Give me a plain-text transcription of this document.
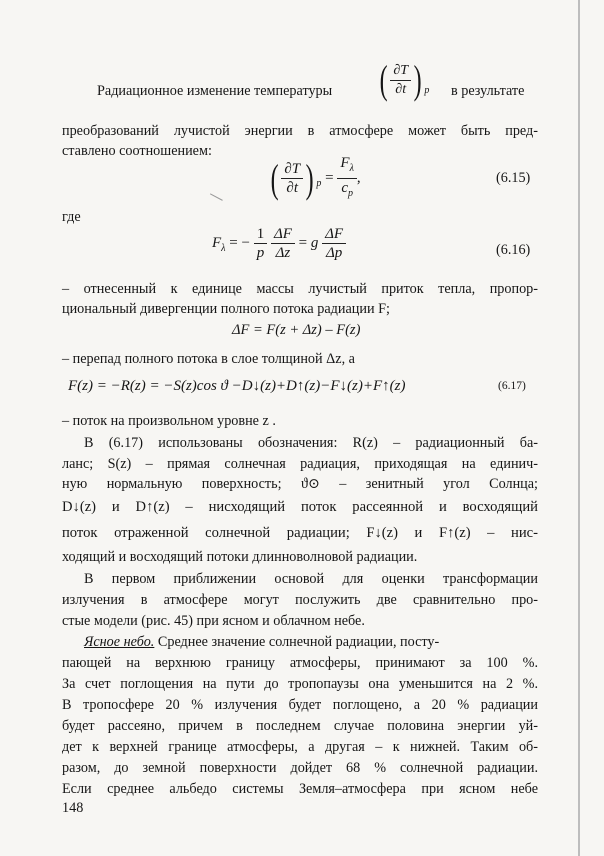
Радиационное изменение температуры ( $\frac{\partial T}{\partial t}$ ) $_p$ в результате
преобразований лучистой энергии в атмосфере может быть пред-
ставлено соотношением:
( $\frac{\partial T}{\partial t}$ ) $_p = \frac{F_\lambda}{c_p}$ ,	(6.15)
где
$F_\lambda$ = − $\frac{1}{p}$
$\frac{\Delta F}{\Delta z} = g \frac{\Delta F}{\Delta p}$	(6.16)
– отнесенный к единице массы лучистый приток тепла, пропор-
циональный дивергенции полного потока радиации F;
ΔF = F(z + Δz) – F(z)
– перепад полного потока в слое толщиной Δz, а
F(z) = −R(z) = −S(z)cos ϑ −D↓(z)+D↑(z)−F↓(z)+F↑(z)	(6.17)
– поток на произвольном уровне z .
В (6.17) использованы обозначения: R(z) – радиационный ба-
ланс; S(z) – прямая солнечная радиация, приходящая на единич-
ную нормальную поверхность; ϑ⊙ – зенитный угол Солнца;
D↓(z) и D↑(z) – нисходящий поток рассеянной и восходящий
поток отраженной солнечной радиации; F↓(z) и F↑(z) – нис-
ходящий и восходящий потоки длинноволновой радиации.
В первом приближении основой для оценки трансформации
излучения в атмосфере могут послужить две сравнительно про-
стые модели (рис. 45) при ясном и облачном небе.
Ясное небо. Среднее значение солнечной радиации, посту-
пающей на верхнюю границу атмосферы, принимают за 100 %.
За счет поглощения на пути до тропопаузы она уменьшится на 2 %.
В тропосфере 20 % излучения будет поглощено, а 20 % радиации
будет рассеяно, причем в последнем случае половина энергии уй-
дет к верхней границе атмосферы, а другая – к нижней. Таким об-
разом, до земной поверхности дойдет 68 % солнечной радиации.
Если среднее альбедо системы Земля–атмосфера при ясном небе
148
